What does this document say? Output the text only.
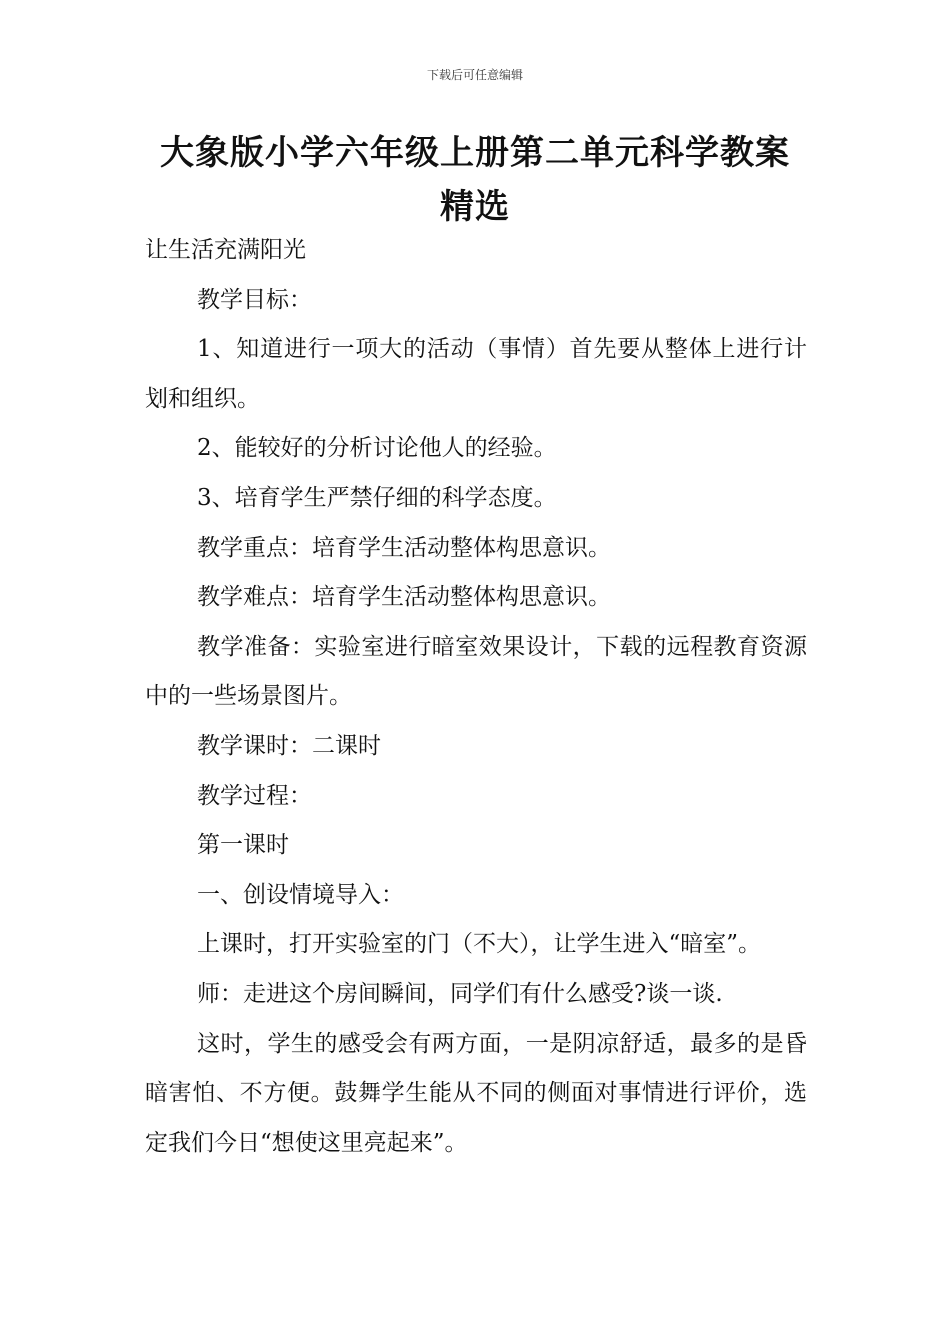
下载后可任意编辑
大象版小学六年级上册第二单元科学教案精选

让生活充满阳光

教学目标：

1、知道进行一项大的活动（事情）首先要从整体上进行计划和组织。

2、能较好的分析讨论他人的经验。

3、培育学生严禁仔细的科学态度。

教学重点：培育学生活动整体构思意识。

教学难点：培育学生活动整体构思意识。

教学准备：实验室进行暗室效果设计，下载的远程教育资源中的一些场景图片。

教学课时：二课时

教学过程：

第一课时

一、创设情境导入：

上课时，打开实验室的门（不大），让学生进入“暗室”。

师：走进这个房间瞬间，同学们有什么感受?谈一谈.

这时，学生的感受会有两方面，一是阴凉舒适，最多的是昏暗害怕、不方便。鼓舞学生能从不同的侧面对事情进行评价，选定我们今日“想使这里亮起来”。
